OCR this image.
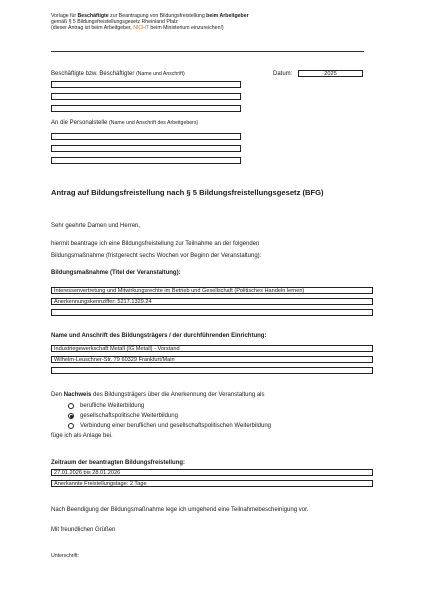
Vorlage für Beschäftigte zur Beantragung von Bildungsfreistellung beim Arbeitgeber
gemäß § 5 Bildungsfreistellungsgesetz Rheinland Pfalz
(dieser Antrag ist beim Arbeitgeber, NICHT beim Ministerium einzureichen!)
Beschäftigte bzw. Beschäftigter (Name und Anschrift)	Datum:	2025
An die Personalstelle (Name und Anschrift des Arbeitgebers)
Antrag auf Bildungsfreistellung nach § 5 Bildungsfreistellungsgesetz (BFG)
Sehr geehrte Damen und Herren,
hiermit beantrage ich eine Bildungsfreistellung zur Teilnahme an der folgenden
Bildungsmaßnahme (fristgerecht sechs Wochen vor Beginn der Veranstaltung):
Bildungsmaßnahme (Titel der Veranstaltung):
Interessenvertretung und Mitwirkungsrechte im Betrieb und Gesellschaft (Politisches Handeln lernen)
Anerkennungskennziffer: 5217.1329.24
Name und Anschrift des Bildungsträgers / der durchführenden Einrichtung:
Industriegewerkschaft Metall (IG Metall) - Vorstand
Wilhelm-Leuschner-Str. 79 60329 Frankfurt/Main
Den Nachweis des Bildungsträgers über die Anerkennung der Veranstaltung als
berufliche Weiterbildung
gesellschaftspolitische Weiterbildung
Verbindung einer beruflichen und gesellschaftspolitischen Weiterbildung
füge ich als Anlage bei.
Zeitraum der beantragten Bildungsfreistellung:
27.01.2026 bis 28.01.2026
Anerkannte Freistellungstage: 2 Tage
Nach Beendigung der Bildungsmaßnahme lege ich umgehend eine Teilnahmebescheinigung vor.
Mit freundlichen Grüßen
Unterschrift:
